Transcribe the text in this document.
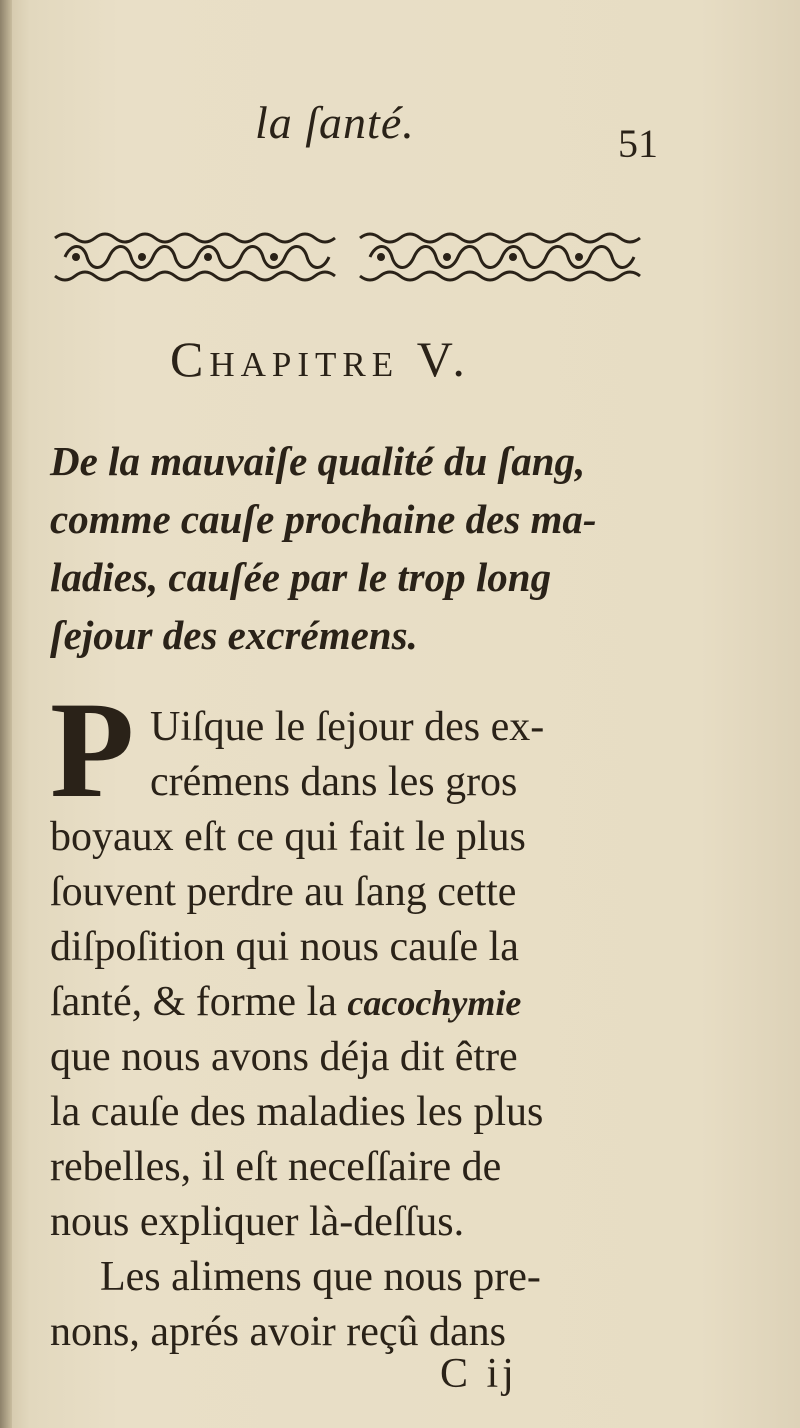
la ſanté.	51
Chapitre V.
De la mauvaiſe qualité du ſang,
comme cauſe prochaine des ma-
ladies, cauſée par le trop long
ſejour des excrémens.
P Uiſque le ſejour des ex-
crémens dans les gros
boyaux eſt ce qui fait le plus
ſouvent perdre au ſang cette
diſpoſition qui nous cauſe la
ſanté, & forme la cacochymie
que nous avons déja dit être
la cauſe des maladies les plus
rebelles, il eſt neceſſaire de
nous expliquer là-deſſus.
Les alimens que nous pre-
nons, aprés avoir reçû dans
C ij
